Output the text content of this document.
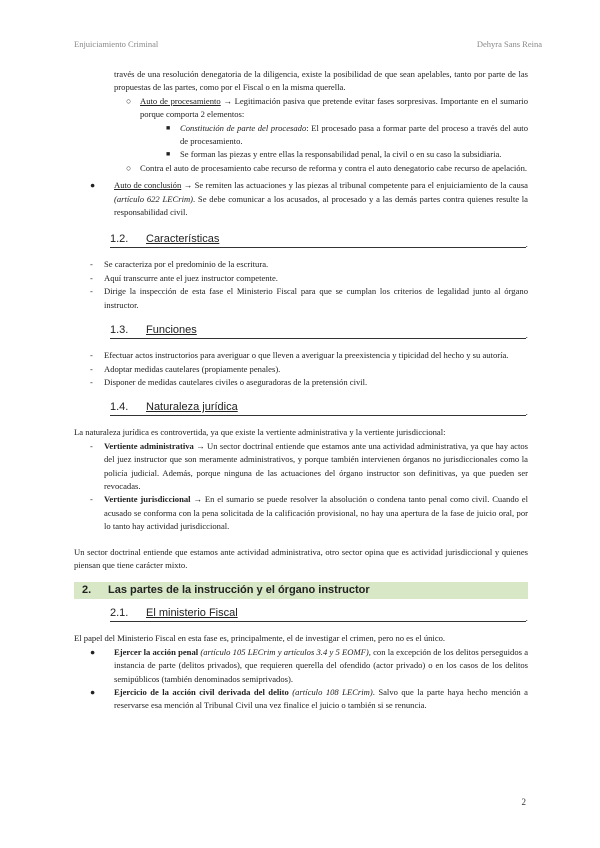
Enjuiciamiento Criminal	Dehyra Sans Reina

través de una resolución denegatoria de la diligencia, existe la posibilidad de que sean apelables, tanto por parte de las propuestas de las partes, como por el Fiscal o en la misma querella.

○ Auto de procesamiento → Legitimación pasiva que pretende evitar fases sorpresivas. Importante en el sumario porque comporta 2 elementos:
■ Constitución de parte del procesado: El procesado pasa a formar parte del proceso a través del auto de procesamiento.
■ Se forman las piezas y entre ellas la responsabilidad penal, la civil o en su caso la subsidiaria.
○ Contra el auto de procesamiento cabe recurso de reforma y contra el auto denegatorio cabe recurso de apelación.
● Auto de conclusión → Se remiten las actuaciones y las piezas al tribunal competente para el enjuiciamiento de la causa (artículo 622 LECrim). Se debe comunicar a los acusados, al procesado y a las demás partes contra quienes resulte la responsabilidad civil.
1.2. Características	.
- Se caracteriza por el predominio de la escritura.
- Aquí transcurre ante el juez instructor competente.
- Dirige la inspección de esta fase el Ministerio Fiscal para que se cumplan los criterios de legalidad junto al órgano instructor.
1.3. Funciones	.
- Efectuar actos instructorios para averiguar o que lleven a averiguar la preexistencia y tipicidad del hecho y su autoría.
- Adoptar medidas cautelares (propiamente penales).
- Disponer de medidas cautelares civiles o aseguradoras de la pretensión civil.
1.4. Naturaleza jurídica	.

La naturaleza jurídica es controvertida, ya que existe la vertiente administrativa y la vertiente jurisdiccional:

- Vertiente administrativa → Un sector doctrinal entiende que estamos ante una actividad administrativa, ya que hay actos del juez instructor que son meramente administrativos, y porque también intervienen órganos no jurisdiccionales como la policía judicial. Además, porque ninguna de las actuaciones del órgano instructor son definitivas, ya que pueden ser revocadas.
- Vertiente jurisdiccional → En el sumario se puede resolver la absolución o condena tanto penal como civil. Cuando el acusado se conforma con la pena solicitada de la calificación provisional, no hay una apertura de la fase de juicio oral, por lo tanto hay actividad jurisdiccional.

Un sector doctrinal entiende que estamos ante actividad administrativa, otro sector opina que es actividad jurisdiccional y quienes piensan que tiene carácter mixto.

2. Las partes de la instrucción y el órgano instructor
2.1. El ministerio Fiscal	.

El papel del Ministerio Fiscal en esta fase es, principalmente, el de investigar el crimen, pero no es el único.

● Ejercer la acción penal (artículo 105 LECrim y artículos 3.4 y 5 EOMF), con la excepción de los delitos perseguidos a instancia de parte (delitos privados), que requieren querella del ofendido (actor privado) o en los casos de los delitos semipúblicos (también denominados semiprivados).
● Ejercicio de la acción civil derivada del delito (artículo 108 LECrim). Salvo que la parte haya hecho mención a reservarse esa mención al Tribunal Civil una vez finalice el juicio o también si se renuncia.
2
